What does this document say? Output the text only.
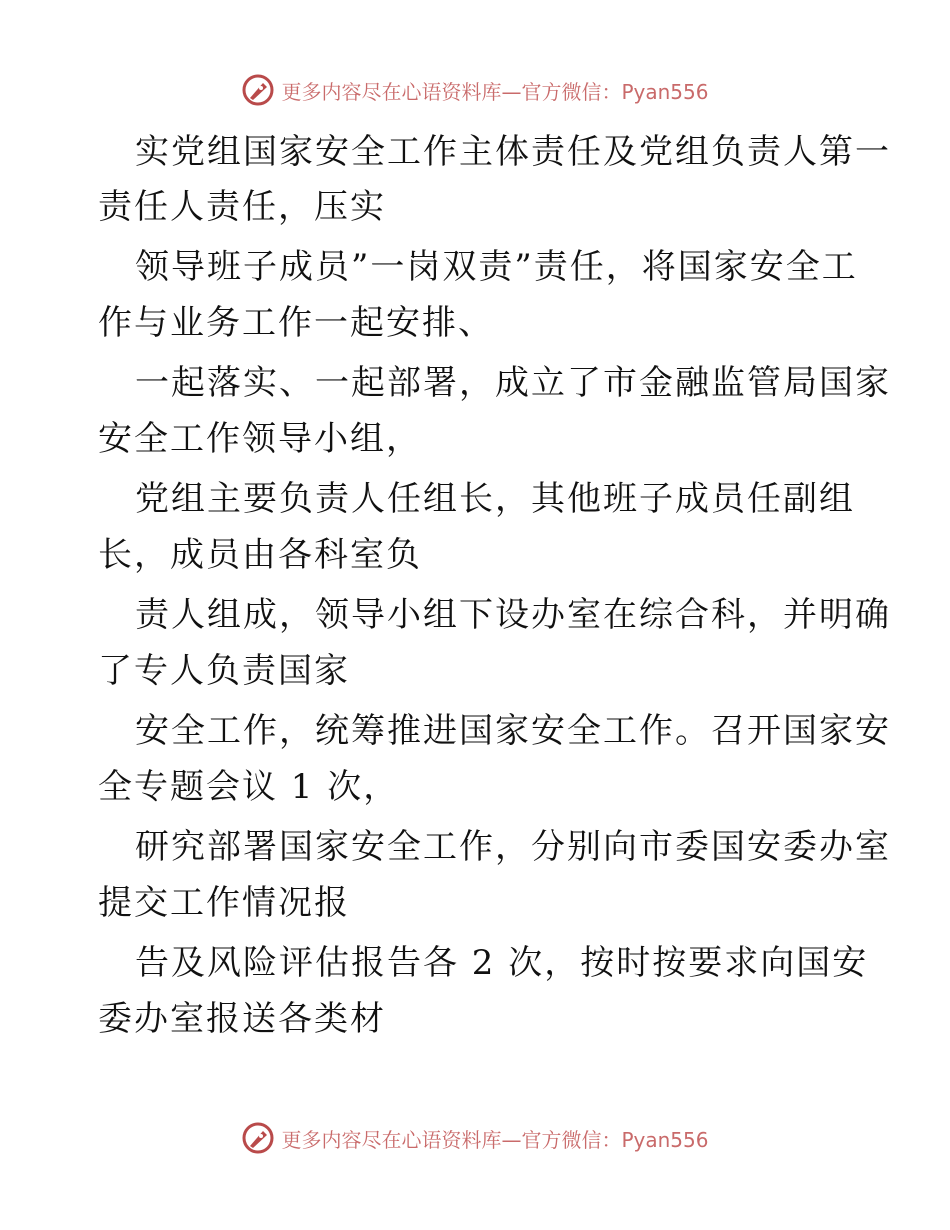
更多内容尽在心语资料库—官方微信：Pyan556
实党组国家安全工作主体责任及党组负责人第一
责任人责任，压实
领导班子成员”一岗双责”责任，将国家安全工
作与业务工作一起安排、
一起落实、一起部署，成立了市金融监管局国家
安全工作领导小组，
党组主要负责人任组长，其他班子成员任副组
长，成员由各科室负
责人组成，领导小组下设办室在综合科，并明确
了专人负责国家
安全工作，统筹推进国家安全工作。召开国家安
全专题会议 1 次，
研究部署国家安全工作，分别向市委国安委办室
提交工作情况报
告及风险评估报告各 2 次，按时按要求向国安
委办室报送各类材
更多内容尽在心语资料库—官方微信：Pyan556
